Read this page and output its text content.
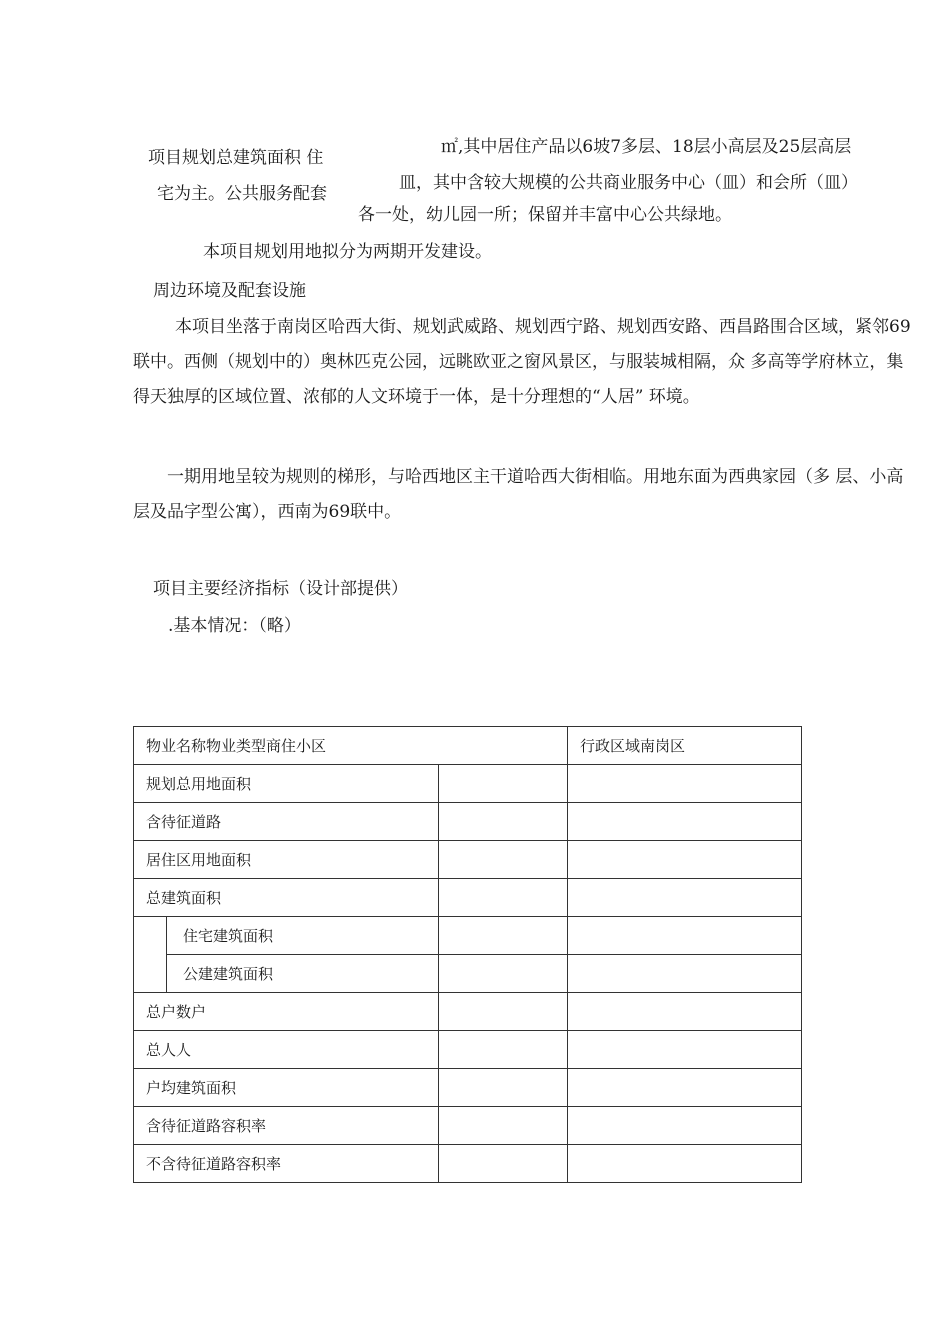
项目规划总建筑面积 住
宅为主。公共服务配套
㎡,其中居住产品以6坡7多层、18层小高层及25层高层
皿，其中含较大规模的公共商业服务中心（皿）和会所（皿）
各一处，幼儿园一所；保留并丰富中心公共绿地。
本项目规划用地拟分为两期开发建设。
周边环境及配套设施
本项目坐落于南岗区哈西大街、规划武威路、规划西宁路、规划西安路、西昌路围合区域，紧邻69联中。西侧（规划中的）奥林匹克公园，远眺欧亚之窗风景区，与服装城相隔，众 多高等学府林立，集得天独厚的区域位置、浓郁的人文环境于一体，是十分理想的“人居” 环境。
一期用地呈较为规则的梯形，与哈西地区主干道哈西大街相临。用地东面为西典家园（多 层、小高层及品字型公寓），西南为69联中。
项目主要经济指标（设计部提供）
.基本情况：（略）
物业名称物业类型商住小区			行政区域南岗区
规划总用地面积			
含待征道路			
居住区用地面积			
总建筑面积			
	住宅建筑面积		
	公建建筑面积		
总户数户			
总人人			
户均建筑面积			
含待征道路容积率			
不含待征道路容积率			
